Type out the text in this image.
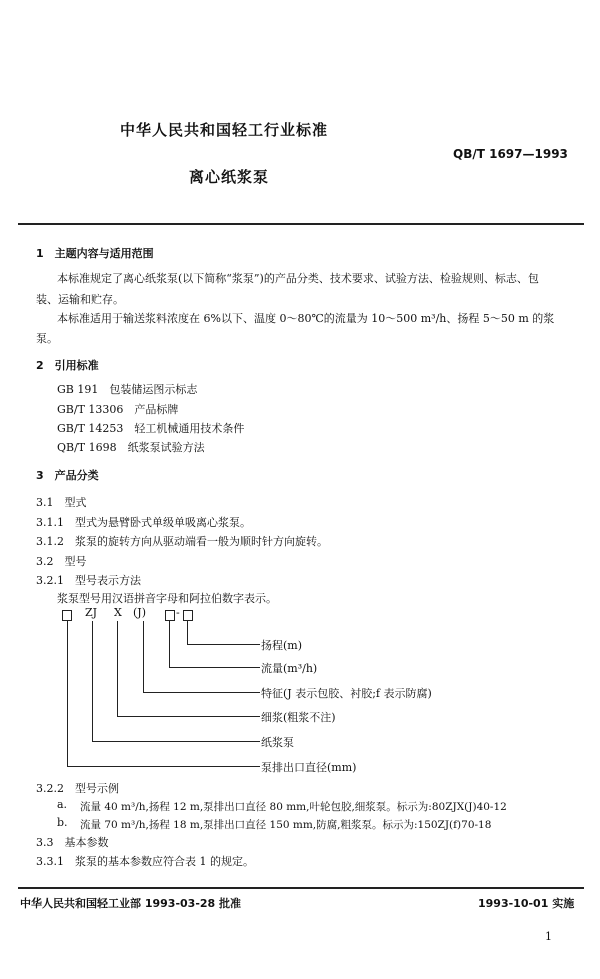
中华人民共和国轻工行业标准
QB/T 1697—1993
离心纸浆泵
1　主题内容与适用范围
本标准规定了离心纸浆泵(以下简称“浆泵”)的产品分类、技术要求、试验方法、检验规则、标志、包
装、运输和贮存。
本标准适用于输送浆料浓度在 6%以下、温度 0～80℃的流量为 10～500 m³/h、扬程 5～50 m 的浆
泵。
2　引用标准
GB 191　包装储运图示标志
GB/T 13306　产品标牌
GB/T 14253　轻工机械通用技术条件
QB/T 1698　纸浆泵试验方法
3　产品分类
3.1　型式
3.1.1　型式为悬臂卧式单级单吸离心浆泵。
3.1.2　浆泵的旋转方向从驱动端看一般为顺时针方向旋转。
3.2　型号
3.2.1　型号表示方法
浆泵型号用汉语拼音字母和阿拉伯数字表示。
ZJ X (J)	-
扬程(m)
流量(m³/h)
特征(J 表示包胶、衬胶;f 表示防腐)
细浆(粗浆不注)
纸浆泵
泵排出口直径(mm)
3.2.2　型号示例
a. 流量 40 m³/h,扬程 12 m,泵排出口直径 80 mm,叶轮包胶,细浆泵。标示为:80ZJX(J)40-12
b. 流量 70 m³/h,扬程 18 m,泵排出口直径 150 mm,防腐,粗浆泵。标示为:150ZJ(f)70-18
3.3　基本参数
3.3.1　浆泵的基本参数应符合表 1 的规定。
中华人民共和国轻工业部 1993-03-28 批准	1993-10-01 实施
1
